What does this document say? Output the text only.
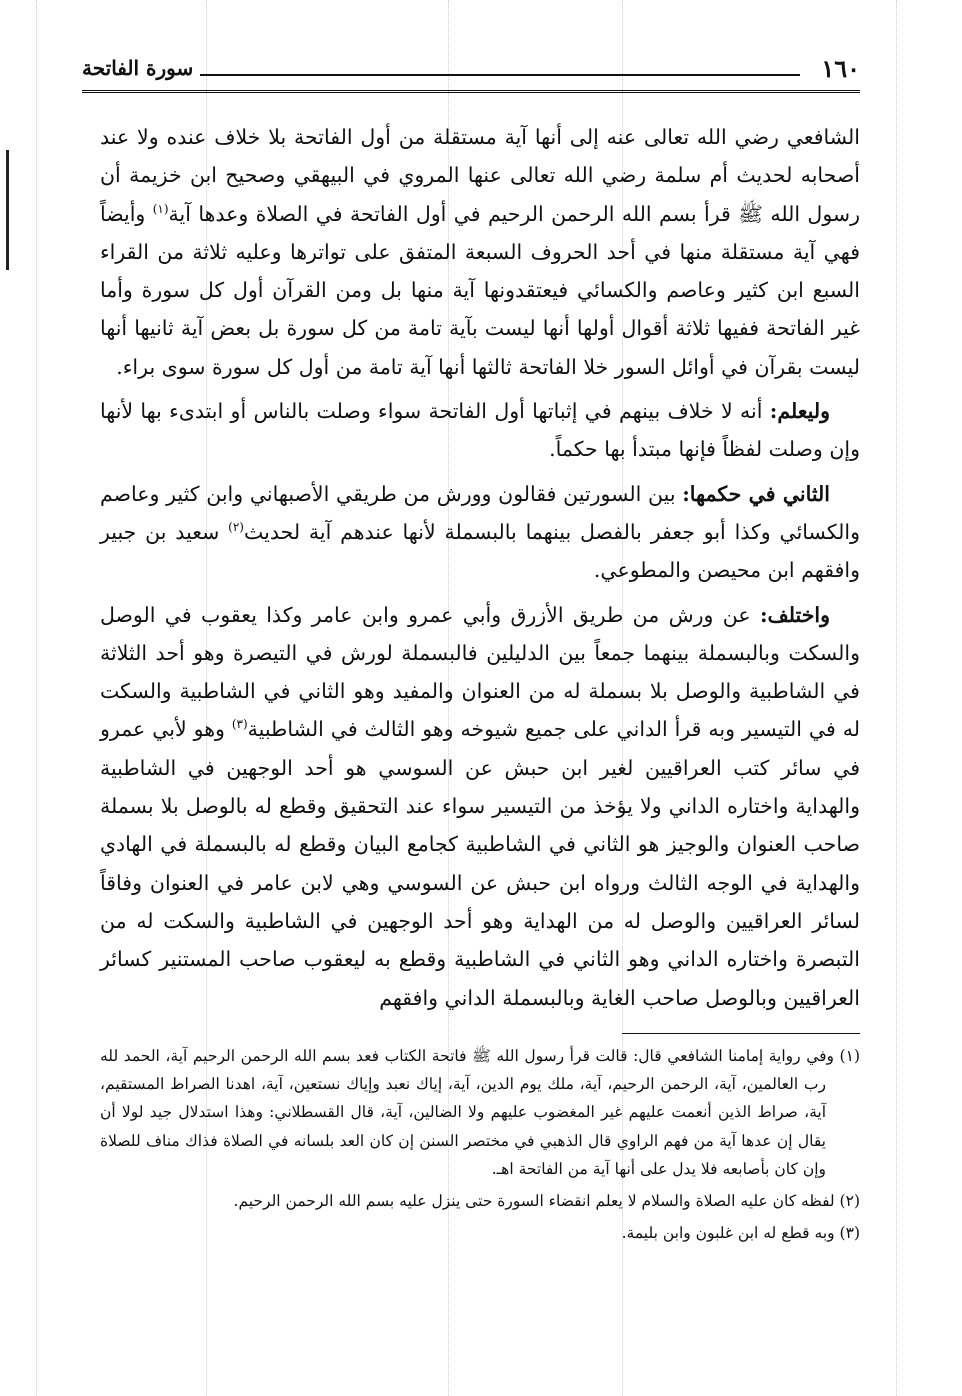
١٦٠
سورة الفاتحة

الشافعي رضي الله تعالى عنه إلى أنها آية مستقلة من أول الفاتحة بلا خلاف عنده ولا عند أصحابه لحديث أم سلمة رضي الله تعالى عنها المروي في البيهقي وصحيح ابن خزيمة أن رسول الله ﷺ قرأ بسم الله الرحمن الرحيم في أول الفاتحة في الصلاة وعدها آية$^{(١)}$ وأيضاً فهي آية مستقلة منها في أحد الحروف السبعة المتفق على تواترها وعليه ثلاثة من القراء السبع ابن كثير وعاصم والكسائي فيعتقدونها آية منها بل ومن القرآن أول كل سورة وأما غير الفاتحة ففيها ثلاثة أقوال أولها أنها ليست بآية تامة من كل سورة بل بعض آية ثانيها أنها ليست بقرآن في أوائل السور خلا الفاتحة ثالثها أنها آية تامة من أول كل سورة سوى براء.

وليعلم: أنه لا خلاف بينهم في إثباتها أول الفاتحة سواء وصلت بالناس أو ابتدىء بها لأنها وإن وصلت لفظاً فإنها مبتدأ بها حكماً.

الثاني في حكمها: بين السورتين فقالون وورش من طريقي الأصبهاني وابن كثير وعاصم والكسائي وكذا أبو جعفر بالفصل بينهما بالبسملة لأنها عندهم آية لحديث$^{(٢)}$ سعيد بن جبير وافقهم ابن محيصن والمطوعي.

واختلف: عن ورش من طريق الأزرق وأبي عمرو وابن عامر وكذا يعقوب في الوصل والسكت وبالبسملة بينهما جمعاً بين الدليلين فالبسملة لورش في التيصرة وهو أحد الثلاثة في الشاطبية والوصل بلا بسملة له من العنوان والمفيد وهو الثاني في الشاطبية والسكت له في التيسير وبه قرأ الداني على جميع شيوخه وهو الثالث في الشاطبية$^{(٣)}$ وهو لأبي عمرو في سائر كتب العراقيين لغير ابن حبش عن السوسي هو أحد الوجهين في الشاطبية والهداية واختاره الداني ولا يؤخذ من التيسير سواء عند التحقيق وقطع له بالوصل بلا بسملة صاحب العنوان والوجيز هو الثاني في الشاطبية كجامع البيان وقطع له بالبسملة في الهادي والهداية في الوجه الثالث ورواه ابن حبش عن السوسي وهي لابن عامر في العنوان وفاقاً لسائر العراقيين والوصل له من الهداية وهو أحد الوجهين في الشاطبية والسكت له من التبصرة واختاره الداني وهو الثاني في الشاطبية وقطع به ليعقوب صاحب المستنير كسائر العراقيين وبالوصل صاحب الغاية وبالبسملة الداني وافقهم

(١) وفي رواية إمامنا الشافعي قال: قالت قرأ رسول الله ﷺ فاتحة الكتاب فعد بسم الله الرحمن الرحيم آية، الحمد لله رب العالمين، آية، الرحمن الرحيم، آية، ملك يوم الدين، آية، إياك نعبد وإياك نستعين، آية، اهدنا الصراط المستقيم، آية، صراط الذين أنعمت عليهم غير المغضوب عليهم ولا الضالين، آية، قال القسطلاني: وهذا استدلال جيد لولا أن يقال إن عدها آية من فهم الراوي قال الذهبي في مختصر السنن إن كان العد بلسانه في الصلاة فذاك مناف للصلاة وإن كان بأصابعه فلا يدل على أنها آية من الفاتحة اهـ.

(٢) لفظه كان عليه الصلاة والسلام لا يعلم انقضاء السورة حتى ينزل عليه بسم الله الرحمن الرحيم.

(٣) وبه قطع له ابن غلبون وابن بليمة.
